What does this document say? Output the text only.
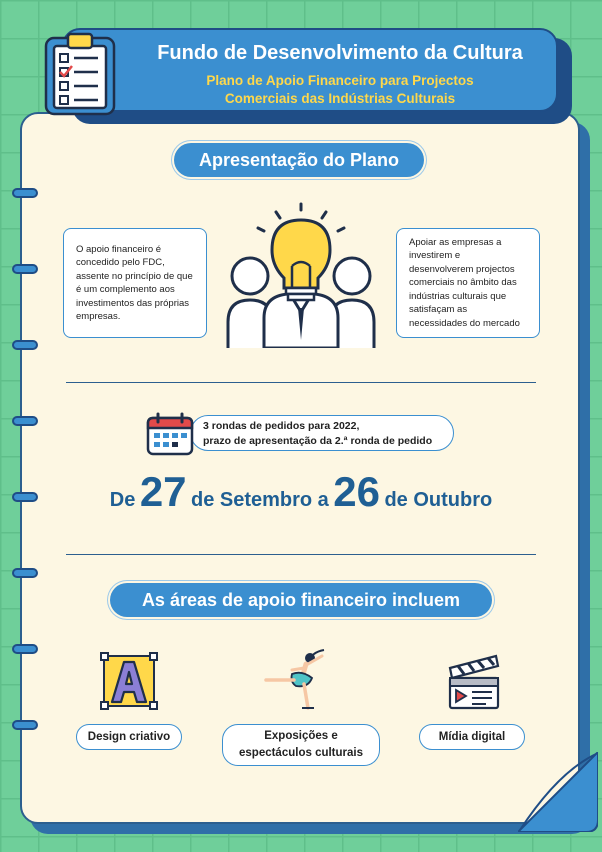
Fundo de Desenvolvimento da Cultura
Plano de Apoio Financeiro para Projectos
Comerciais das Indústrias Culturais
Apresentação do Plano
O apoio financeiro é concedido pelo FDC, assente no princípio de que é um complemento aos investimentos das próprias empresas.
Apoiar as empresas a investirem e desenvolverem projectos comerciais no âmbito das indústrias culturais que satisfaçam as necessidades do mercado
3 rondas de pedidos para 2022,
prazo de apresentação da 2.ª ronda de pedido
De 27 de Setembro a 26 de Outubro
As áreas de apoio financeiro incluem
Design criativo	Exposições e
espectáculos culturais
Mídia digital
